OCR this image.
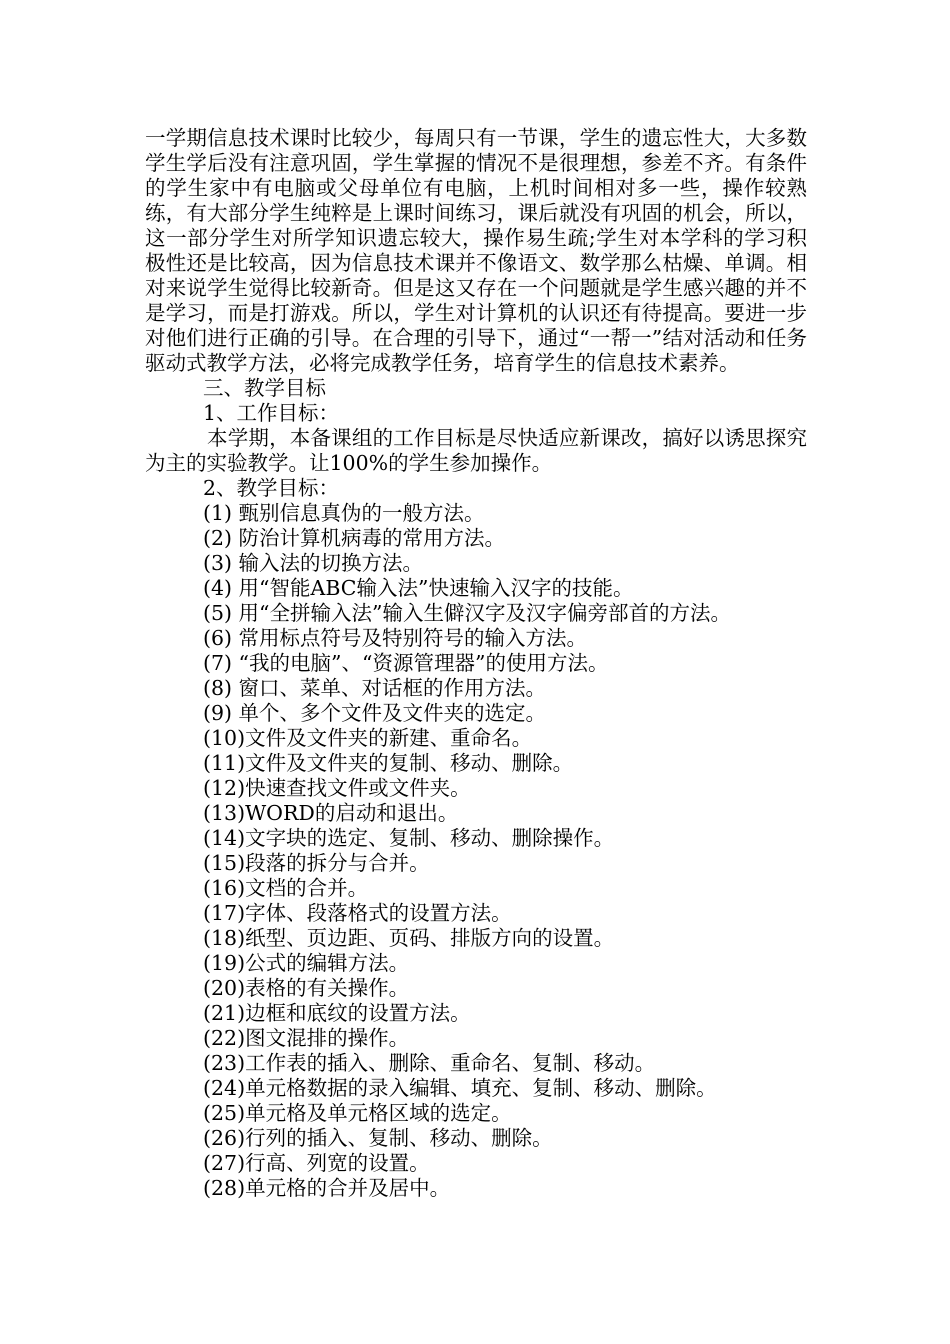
一学期信息技术课时比较少，每周只有一节课，学生的遗忘性大，大多数学生学后没有注意巩固，学生掌握的情况不是很理想，参差不齐。有条件的学生家中有电脑或父母单位有电脑，上机时间相对多一些，操作较熟练，有大部分学生纯粹是上课时间练习，课后就没有巩固的机会，所以，这一部分学生对所学知识遗忘较大，操作易生疏;学生对本学科的学习积极性还是比较高，因为信息技术课并不像语文、数学那么枯燥、单调。相对来说学生觉得比较新奇。但是这又存在一个问题就是学生感兴趣的并不是学习，而是打游戏。所以，学生对计算机的认识还有待提高。要进一步对他们进行正确的引导。在合理的引导下，通过“一帮一”结对活动和任务驱动式教学方法，必将完成教学任务，培育学生的信息技术素养。

三、教学目标

1、工作目标：

本学期，本备课组的工作目标是尽快适应新课改，搞好以诱思探究为主的实验教学。让100%的学生参加操作。

2、教学目标：

(1) 甄别信息真伪的一般方法。

(2) 防治计算机病毒的常用方法。

(3) 输入法的切换方法。

(4) 用“智能ABC输入法”快速输入汉字的技能。

(5) 用“全拼输入法”输入生僻汉字及汉字偏旁部首的方法。

(6) 常用标点符号及特别符号的输入方法。

(7) “我的电脑”、“资源管理器”的使用方法。

(8) 窗口、菜单、对话框的作用方法。

(9) 单个、多个文件及文件夹的选定。

(10)文件及文件夹的新建、重命名。

(11)文件及文件夹的复制、移动、删除。

(12)快速查找文件或文件夹。

(13)WORD的启动和退出。

(14)文字块的选定、复制、移动、删除操作。

(15)段落的拆分与合并。

(16)文档的合并。

(17)字体、段落格式的设置方法。

(18)纸型、页边距、页码、排版方向的设置。

(19)公式的编辑方法。

(20)表格的有关操作。

(21)边框和底纹的设置方法。

(22)图文混排的操作。

(23)工作表的插入、删除、重命名、复制、移动。

(24)单元格数据的录入编辑、填充、复制、移动、删除。

(25)单元格及单元格区域的选定。

(26)行列的插入、复制、移动、删除。

(27)行高、列宽的设置。

(28)单元格的合并及居中。
